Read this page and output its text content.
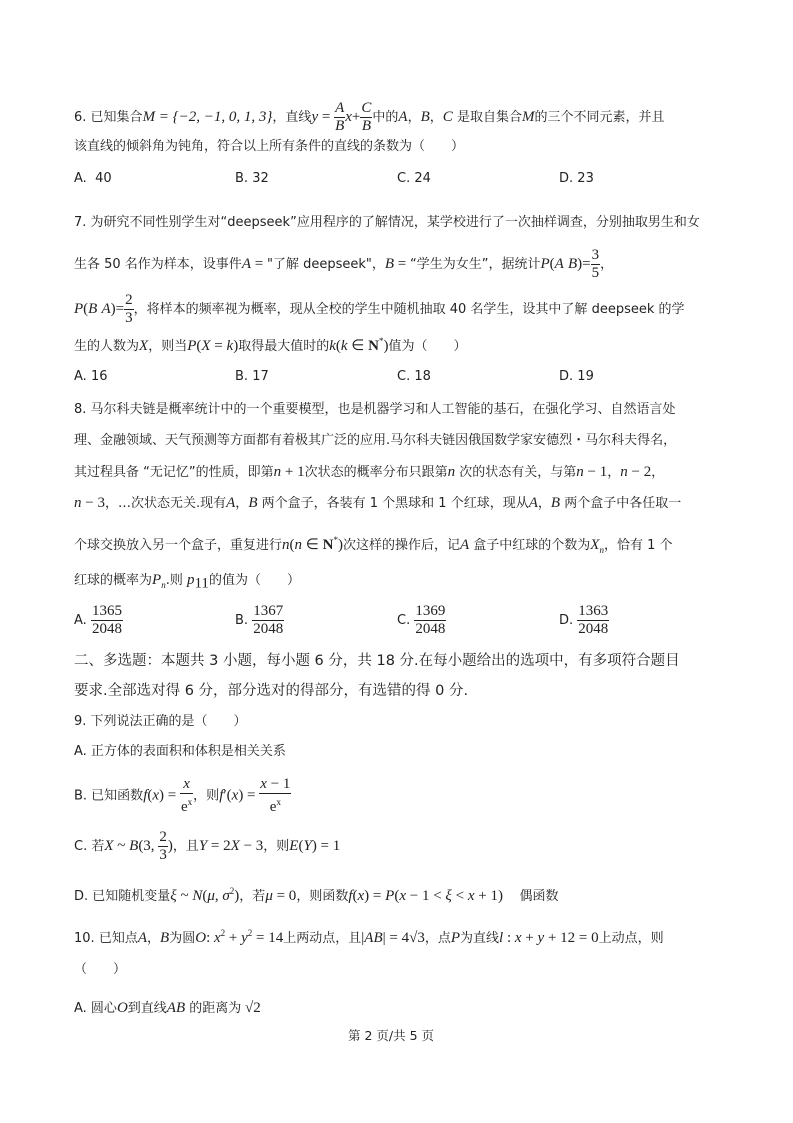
6. 已知集合M = {−2, −1, 0, 1, 3}，直线$y = \frac{A}{B} x+ \frac{C}{B}$ 中的A，B，C 是取自集合M的三个不同元素，并且
该直线的倾斜角为钝角，符合以上所有条件的直线的条数为（　　）
A. 40	B. 32	C. 24	D. 23
7. 为研究不同性别学生对“deepseek”应用程序的了解情况，某学校进行了一次抽样调查，分别抽取男生和女
生各 50 名作为样本，设事件A = "了解 deepseek"，B = “学生为女生”，据统计P(A $B)= \frac{3}{5}$ ，
P(B $A)= \frac{2}{3}$ ，将样本的频率视为概率，现从全校的学生中随机抽取 40 名学生，设其中了解 deepseek 的学
生的人数为X，则当P(X = k)取得最大值时的k(k ∈ N*)值为（　　）
A. 16	B. 17	C. 18	D. 19
8. 马尔科夫链是概率统计中的一个重要模型，也是机器学习和人工智能的基石，在强化学习、自然语言处
理、金融领域、天气预测等方面都有着极其广泛的应用.马尔科夫链因俄国数学家安德烈・马尔科夫得名，
其过程具备 “无记忆”的性质，即第n + 1次状态的概率分布只跟第n 次的状态有关，与第n − 1，n − 2，
n − 3，…次状态无关.现有A，B 两个盒子，各装有 1 个黑球和 1 个红球，现从A，B 两个盒子中各任取一
个球交换放入另一个盒子，重复进行n(n ∈ N*)次这样的操作后，记A 盒子中红球的个数为$X_n$，恰有 1 个
红球的概率为$P_n$.则 $p_{11}$的值为（　　）
A. $\frac{1365}{2048}$	B. $\frac{1367}{2048}$	C. $\frac{1369}{2048}$	D. $\frac{1363}{2048}$
二、多选题：本题共 3 小题，每小题 6 分，共 18 分.在每小题给出的选项中，有多项符合题目
要求.全部选对得 6 分，部分选对的得部分，有选错的得 0 分.
9. 下列说法正确的是（　　）
A. 正方体的表面积和体积是相关关系
B. 已知函数$f(x) = \frac{x}{e^x}$ ，则$f'(x) = \frac{x - 1}{e^x}$
C. 若X ~ B(3, $\frac{2}{3}$ )，且Y = 2X − 3，则E(Y) = 1
D. 已知随机变量ξ ~ N(μ, $\sigma^2$)，若μ = 0，则函数f(x) = P(x − 1 < ξ < x + 1) 偶函数
10. 已知点A，B为圆O: $x^2 + y^2 = 14$上两动点，且|AB| = 4√3，点P为直线l : x + y + 12 = 0上动点，则
（　　）
A. 圆心O到直线AB 的距离为 √2
第 2 页/共 5 页
